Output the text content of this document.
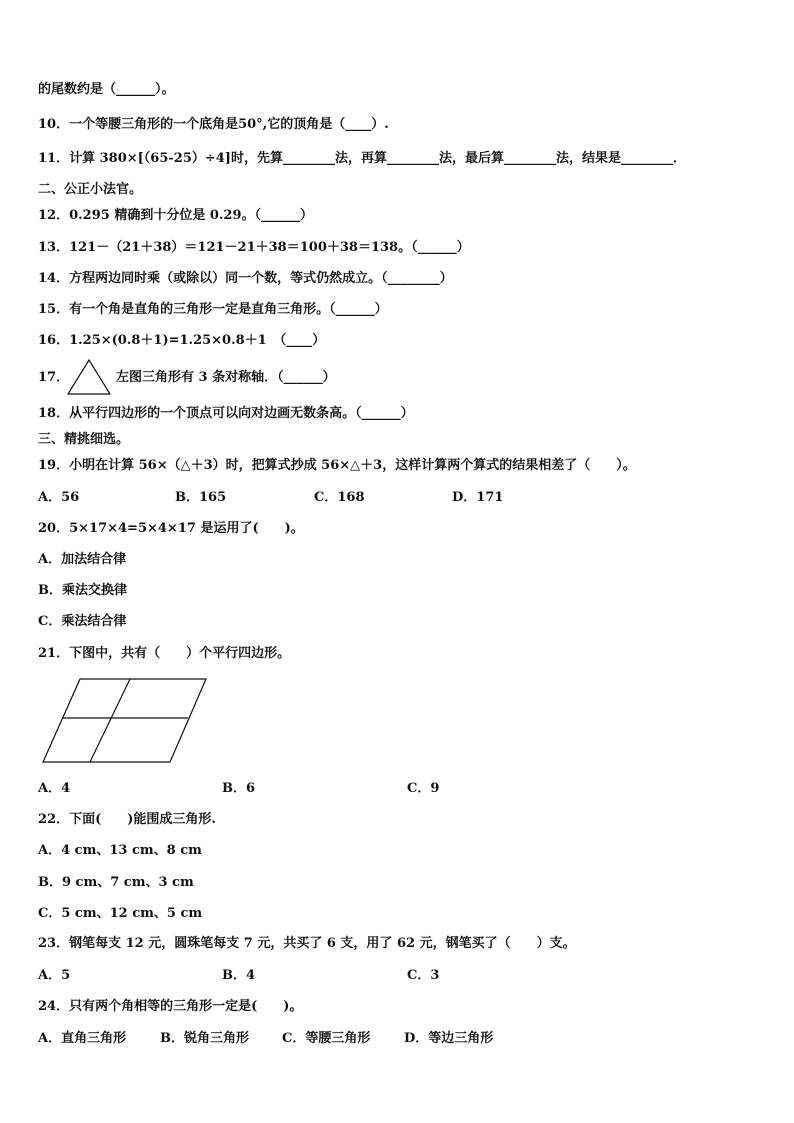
的尾数约是（______）。
10．一个等腰三角形的一个底角是50°,它的顶角是（____）.
11．计算 380×[（65-25）÷4]时，先算________法，再算________法，最后算________法，结果是________．
二、公正小法官。
12．0.295 精确到十分位是 0.29。（______）
13．121－（21＋38）＝121－21＋38＝100＋38＝138。（______）
14．方程两边同时乘（或除以）同一个数，等式仍然成立。（________）
15．有一个角是直角的三角形一定是直角三角形。（______）
16．1.25×(0.8＋1)=1.25×0.8＋1　（____）
17．	左图三角形有 3 条对称轴．（______）
18．从平行四边形的一个顶点可以向对边画无数条高。（______）
三、精挑细选。
19．小明在计算 56×（△＋3）时，把算式抄成 56×△＋3，这样计算两个算式的结果相差了（　　）。
A．56	B．165	C．168	D．171
20．5×17×4=5×4×17 是运用了(　　)。
A．加法结合律
B．乘法交换律
C．乘法结合律
21．下图中，共有（　　）个平行四边形。
A．4	B．6	C．9
22．下面(　　)能围成三角形.
A．4 cm、13 cm、8 cm
B．9 cm、7 cm、3 cm
C．5 cm、12 cm、5 cm
23．钢笔每支 12 元，圆珠笔每支 7 元，共买了 6 支，用了 62 元，钢笔买了（　　）支。
A．5	B．4	C．3
24．只有两个角相等的三角形一定是(　　)。
A．直角三角形	B．锐角三角形	C．等腰三角形	D．等边三角形
